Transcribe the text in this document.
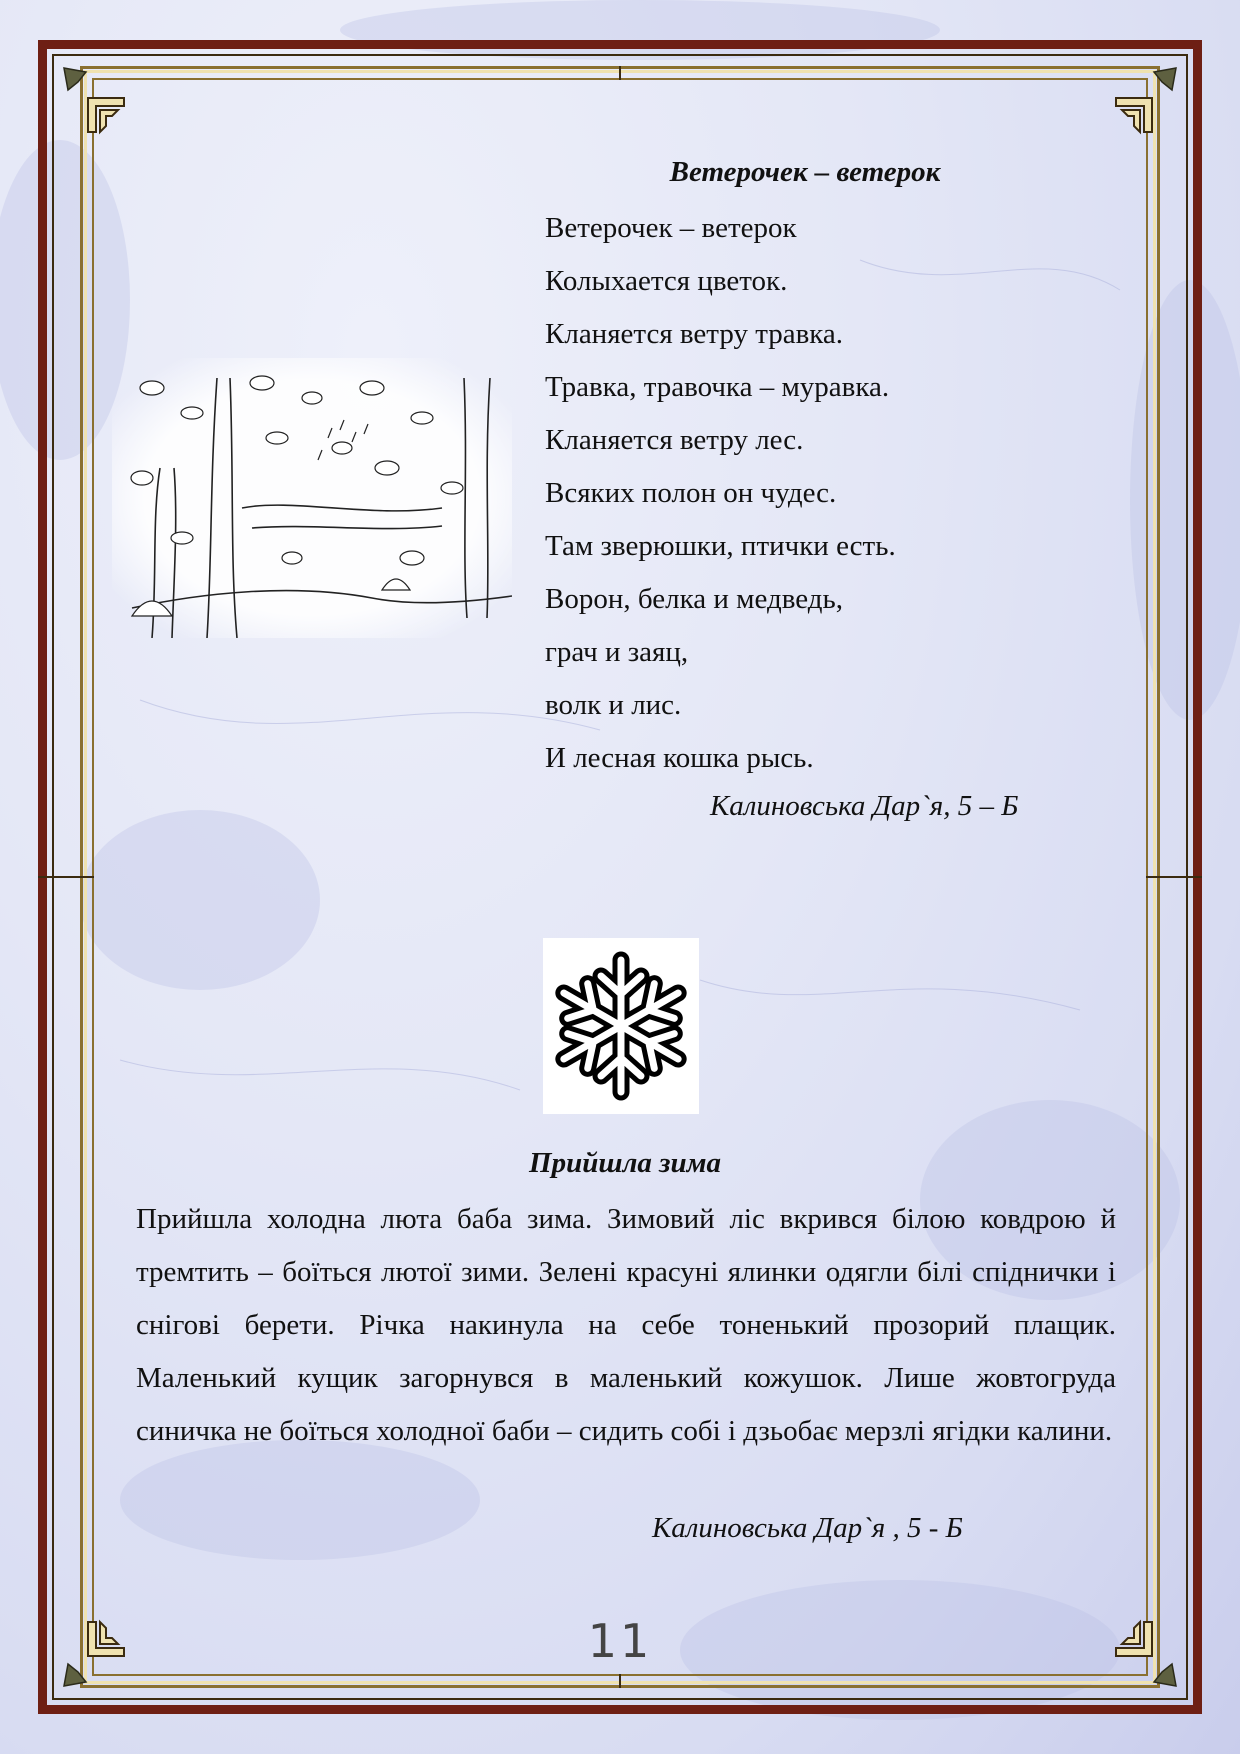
Ветерочек – ветерок
Ветерочек – ветерок
Колыхается цветок.
Кланяется ветру травка.
Травка, травочка – муравка.
Кланяется ветру лес.
Всяких полон он чудес.
Там зверюшки, птички есть.
Ворон, белка и медведь,
грач и заяц,
волк и лис.
И лесная кошка рысь.
Калиновська Дар`я, 5 – Б
Прийшла зима

Прийшла холодна люта баба зима. Зимовий ліс вкрився білою ковдрою й тремтить – боїться лютої зими. Зелені красуні ялинки одягли білі спіднички і снігові берети. Річка накинула на себе тоненький прозорий плащик. Маленький кущик загорнувся в маленький кожушок. Лише жовтогруда синичка не боїться холодної баби – сидить собі і дзьобає мерзлі ягідки калини.

Калиновська Дар`я , 5 - Б
11
